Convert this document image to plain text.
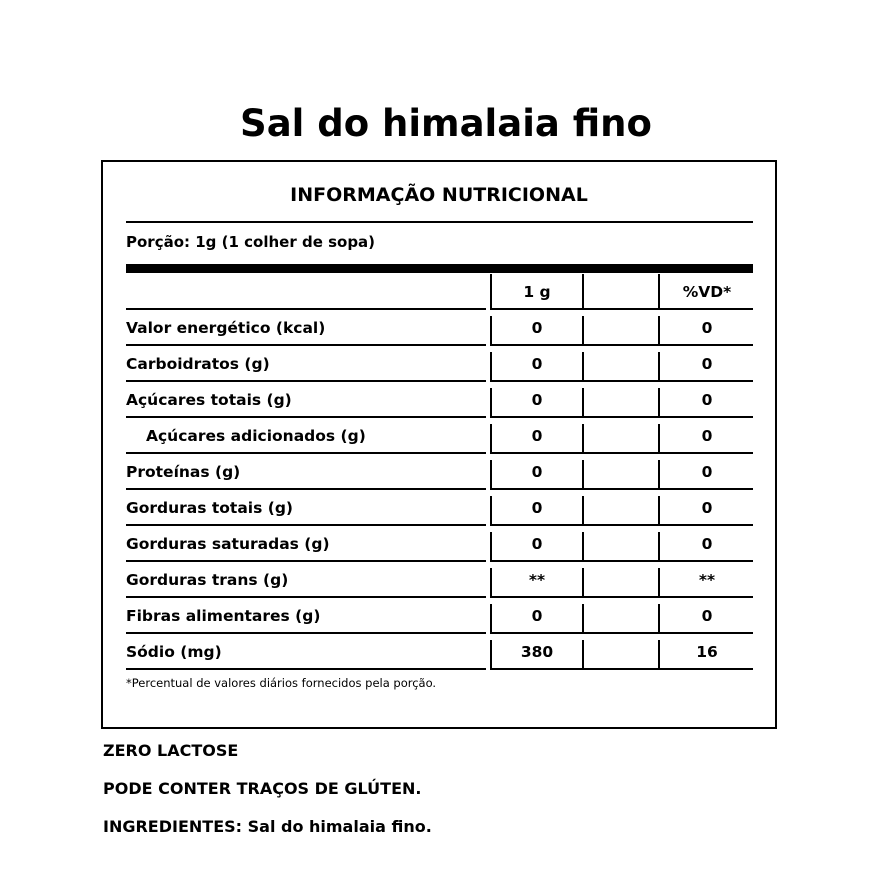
Sal do himalaia fino
INFORMAÇÃO NUTRICIONAL
Porção: 1g (1 colher de sopa)
1 g	%VD*
Valor energético (kcal)	0	0
Carboidratos (g)	0	0
Açúcares totais (g)	0	0
Açúcares adicionados (g)	0	0
Proteínas (g)	0	0
Gorduras totais (g)	0	0
Gorduras saturadas (g)	0	0
Gorduras trans (g)	**	**
Fibras alimentares (g)	0	0
Sódio (mg)	380	16
*Percentual de valores diários fornecidos pela porção.
ZERO LACTOSE
PODE CONTER TRAÇOS DE GLÚTEN.
INGREDIENTES: Sal do himalaia fino.
